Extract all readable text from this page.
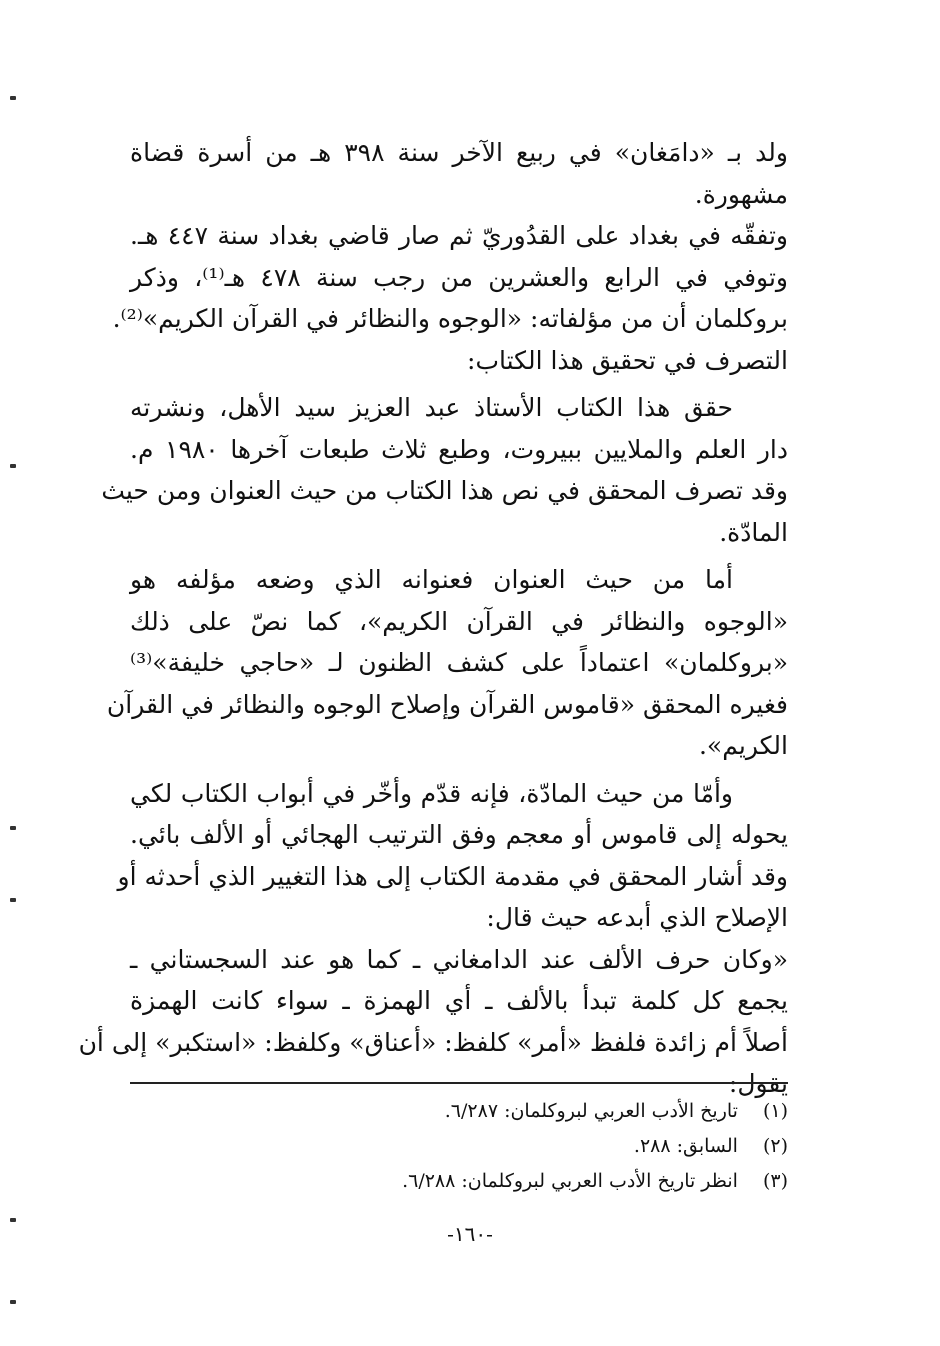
ولد بـ «دامَغان» في ربيع الآخر سنة ٣٩٨ هـ من أسرة قضاة
مشهورة.
وتفقّه في بغداد على القدُوريّ ثم صار قاضي بغداد سنة ٤٤٧ هـ.
وتوفي في الرابع والعشرين من رجب سنة ٤٧٨ هـ⁽¹⁾، وذكر
بروكلمان أن من مؤلفاته: «الوجوه والنظائر في القرآن الكريم»⁽²⁾.
التصرف في تحقيق هذا الكتاب:
حقق هذا الكتاب الأستاذ عبد العزيز سيد الأهل، ونشرته
دار العلم والملايين ببيروت، وطبع ثلاث طبعات آخرها ١٩٨٠ م.
وقد تصرف المحقق في نص هذا الكتاب من حيث العنوان ومن حيث
المادّة.
أما من حيث العنوان فعنوانه الذي وضعه مؤلفه هو
«الوجوه والنظائر في القرآن الكريم»، كما نصّ على ذلك
«بروكلمان» اعتماداً على كشف الظنون لـ «حاجي خليفة»⁽³⁾
فغيره المحقق «قاموس القرآن وإصلاح الوجوه والنظائر في القرآن
الكريم».
وأمّا من حيث المادّة، فإنه قدّم وأخّر في أبواب الكتاب لكي
يحوله إلى قاموس أو معجم وفق الترتيب الهجائي أو الألف بائي.
وقد أشار المحقق في مقدمة الكتاب إلى هذا التغيير الذي أحدثه أو
الإصلاح الذي أبدعه حيث قال:
«وكان حرف الألف عند الدامغاني ـ كما هو عند السجستاني ـ
يجمع كل كلمة تبدأ بالألف ـ أي الهمزة ـ سواء كانت الهمزة
أصلاً أم زائدة فلفظ «أمر» كلفظ: «أعناق» وكلفظ: «استكبر» إلى أن
يقول:
(١) تاريخ الأدب العربي لبروكلمان: ٦/٢٨٧.
(٢) السابق: ٢٨٨.
(٣) انظر تاريخ الأدب العربي لبروكلمان: ٦/٢٨٨.
-١٦٠-
